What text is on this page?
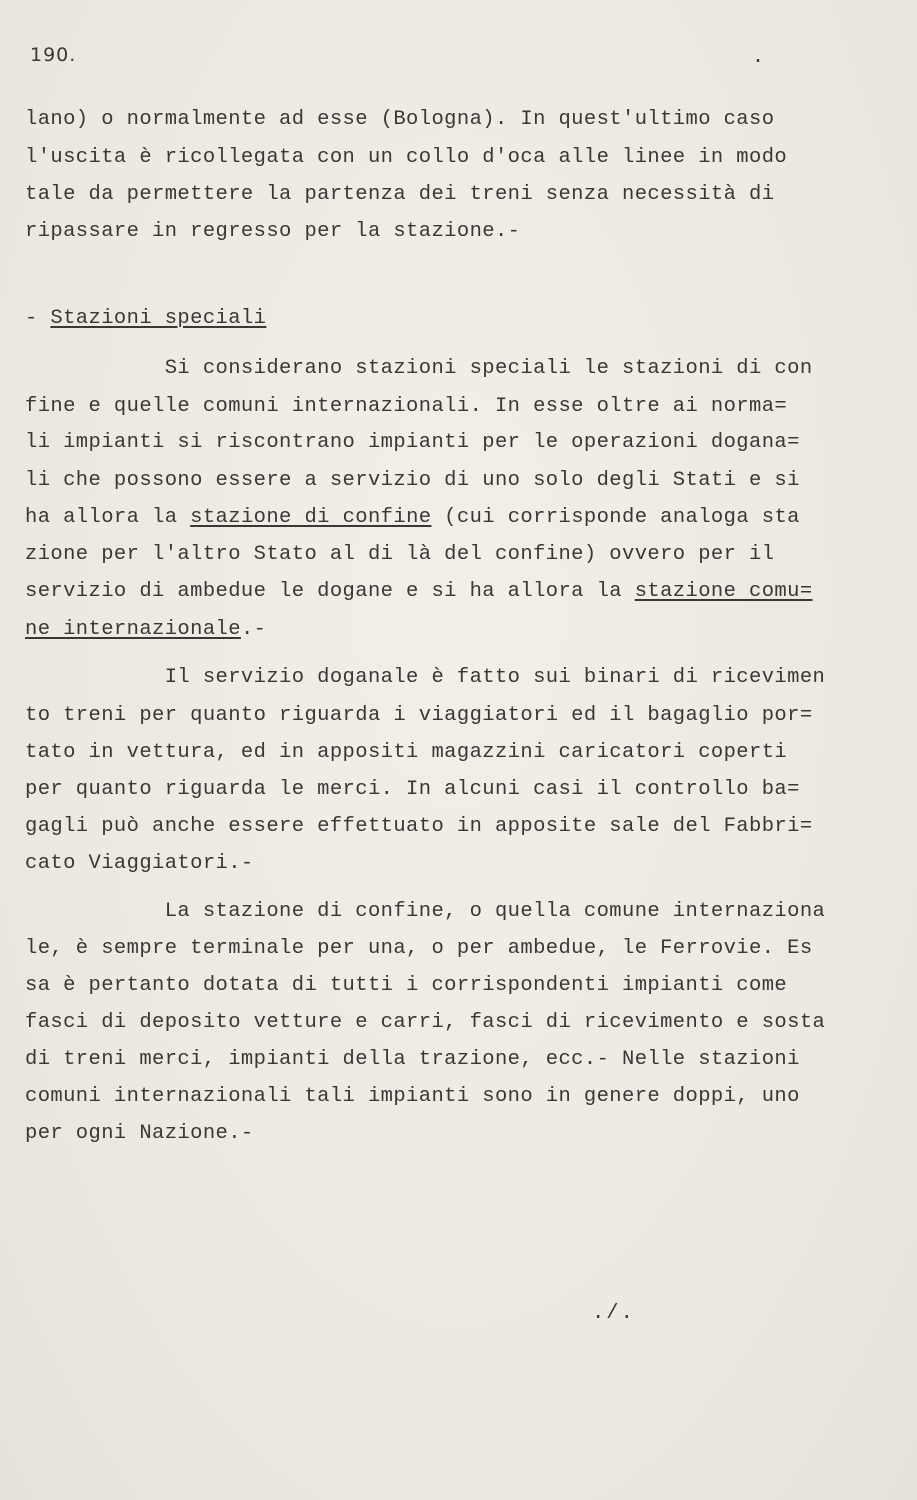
190.	·
lano) o normalmente ad esse (Bologna). In quest'ultimo caso
l'uscita è ricollegata con un collo d'oca alle linee in modo
tale da permettere la partenza dei treni senza necessità di
ripassare in regresso per la stazione.-
- Stazioni speciali
Si considerano stazioni speciali le stazioni di con
fine e quelle comuni internazionali. In esse oltre ai norma=
li impianti si riscontrano impianti per le operazioni dogana=
li che possono essere a servizio di uno solo degli Stati e si
ha allora la stazione di confine (cui corrisponde analoga sta
zione per l'altro Stato al di là del confine) ovvero per il
servizio di ambedue le dogane e si ha allora la stazione comu=
ne internazionale.-
Il servizio doganale è fatto sui binari di ricevimen
to treni per quanto riguarda i viaggiatori ed il bagaglio por=
tato in vettura, ed in appositi magazzini caricatori coperti
per quanto riguarda le merci. In alcuni casi il controllo ba=
gagli può anche essere effettuato in apposite sale del Fabbri=
cato Viaggiatori.-
La stazione di confine, o quella comune internaziona
le, è sempre terminale per una, o per ambedue, le Ferrovie. Es
sa è pertanto dotata di tutti i corrispondenti impianti come
fasci di deposito vetture e carri, fasci di ricevimento e sosta
di treni merci, impianti della trazione, ecc.- Nelle stazioni
comuni internazionali tali impianti sono in genere doppi, uno
per ogni Nazione.-
./.
